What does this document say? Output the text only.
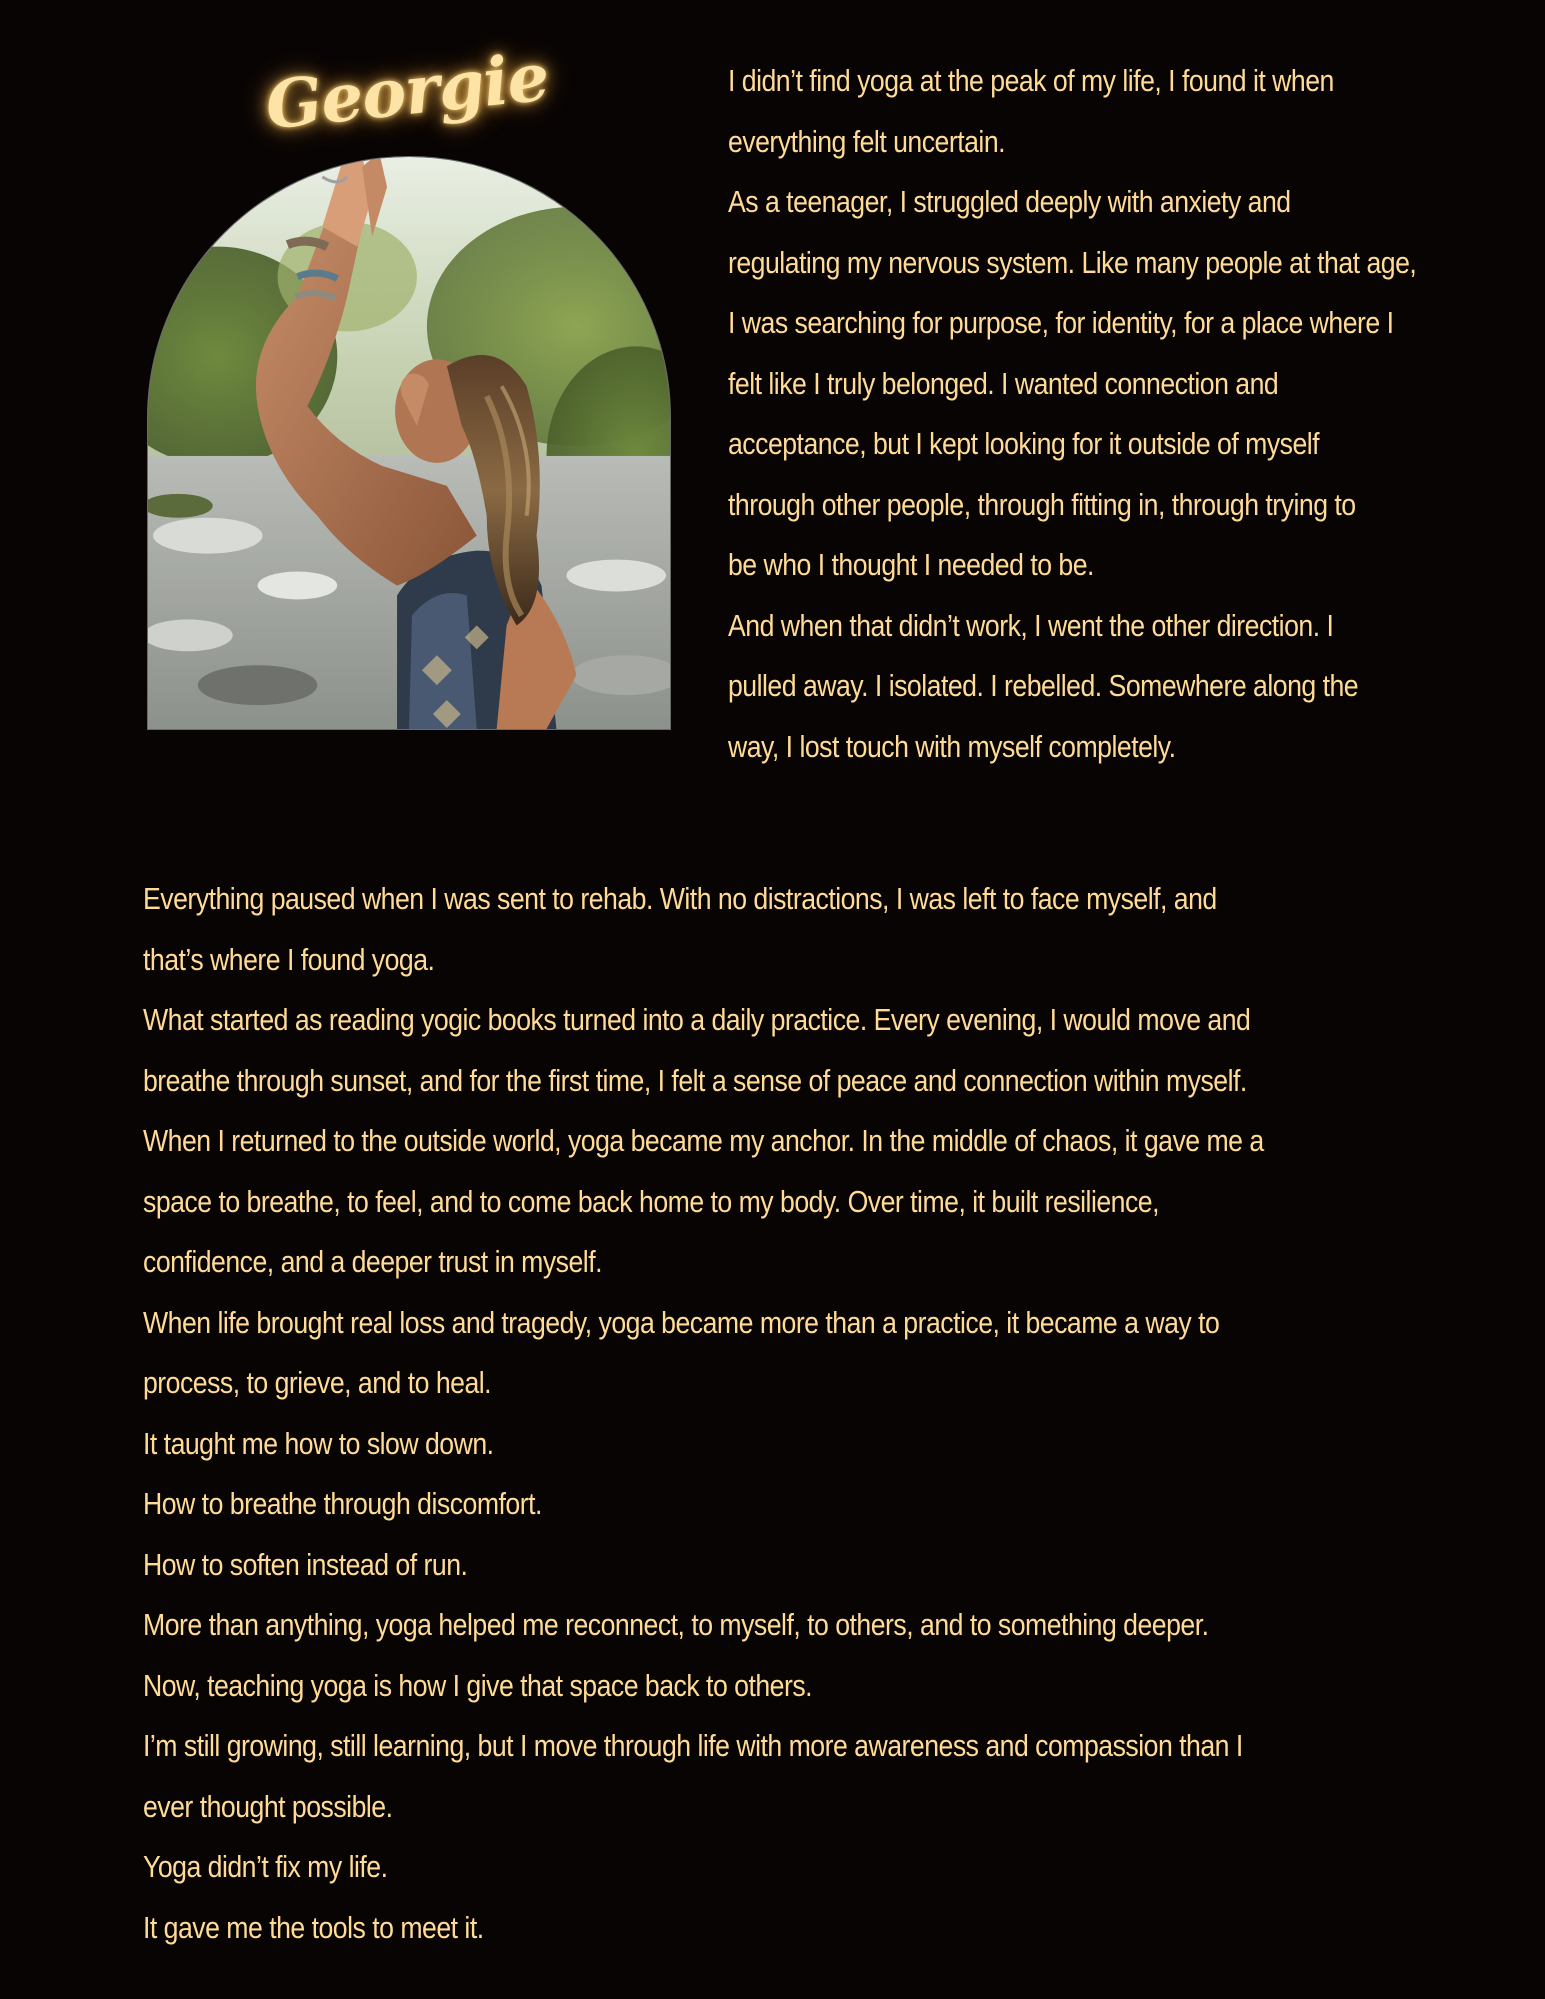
Georgie	I didn’t find yoga at the peak of my life, I found it when

everything felt uncertain.

As a teenager, I struggled deeply with anxiety and

regulating my nervous system. Like many people at that age,

I was searching for purpose, for identity, for a place where I

felt like I truly belonged. I wanted connection and

acceptance, but I kept looking for it outside of myself

through other people, through fitting in, through trying to

be who I thought I needed to be.

And when that didn’t work, I went the other direction. I

pulled away. I isolated. I rebelled. Somewhere along the

way, I lost touch with myself completely.

Everything paused when I was sent to rehab. With no distractions, I was left to face myself, and

that’s where I found yoga.

What started as reading yogic books turned into a daily practice. Every evening, I would move and

breathe through sunset, and for the first time, I felt a sense of peace and connection within myself.

When I returned to the outside world, yoga became my anchor. In the middle of chaos, it gave me a

space to breathe, to feel, and to come back home to my body. Over time, it built resilience,

confidence, and a deeper trust in myself.

When life brought real loss and tragedy, yoga became more than a practice, it became a way to

process, to grieve, and to heal.

It taught me how to slow down.

How to breathe through discomfort.

How to soften instead of run.

More than anything, yoga helped me reconnect, to myself, to others, and to something deeper.

Now, teaching yoga is how I give that space back to others.

I’m still growing, still learning, but I move through life with more awareness and compassion than I

ever thought possible.

Yoga didn’t fix my life.

It gave me the tools to meet it.
